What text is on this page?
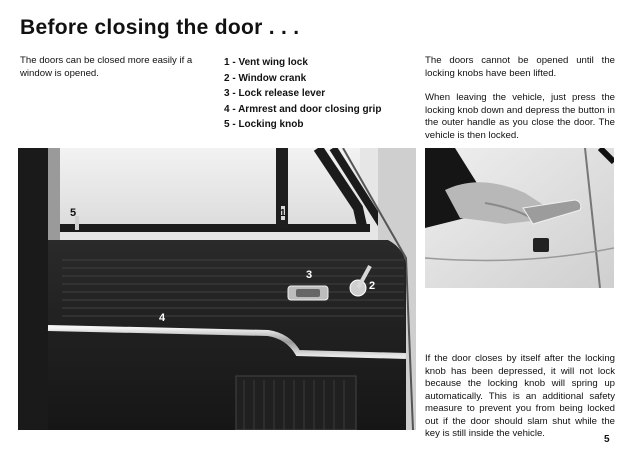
Before closing the door . . .
The doors can be closed more easily if a window is opened.
1 - Vent wing lock
2 - Window crank
3 - Lock release lever
4 - Armrest and door closing grip
5 - Locking knob

The doors cannot be opened until the locking knobs have been lifted.

When leaving the vehicle, just press the locking knob down and depress the button in the outer handle as you close the door. The vehicle is then locked.

5
3
2
4
1

If the door closes by itself after the locking knob has been depressed, it will not lock because the locking knob will spring up automatically. This is an additional safety measure to prevent you from being locked out if the door should slam shut while the key is still inside the vehicle.

5
